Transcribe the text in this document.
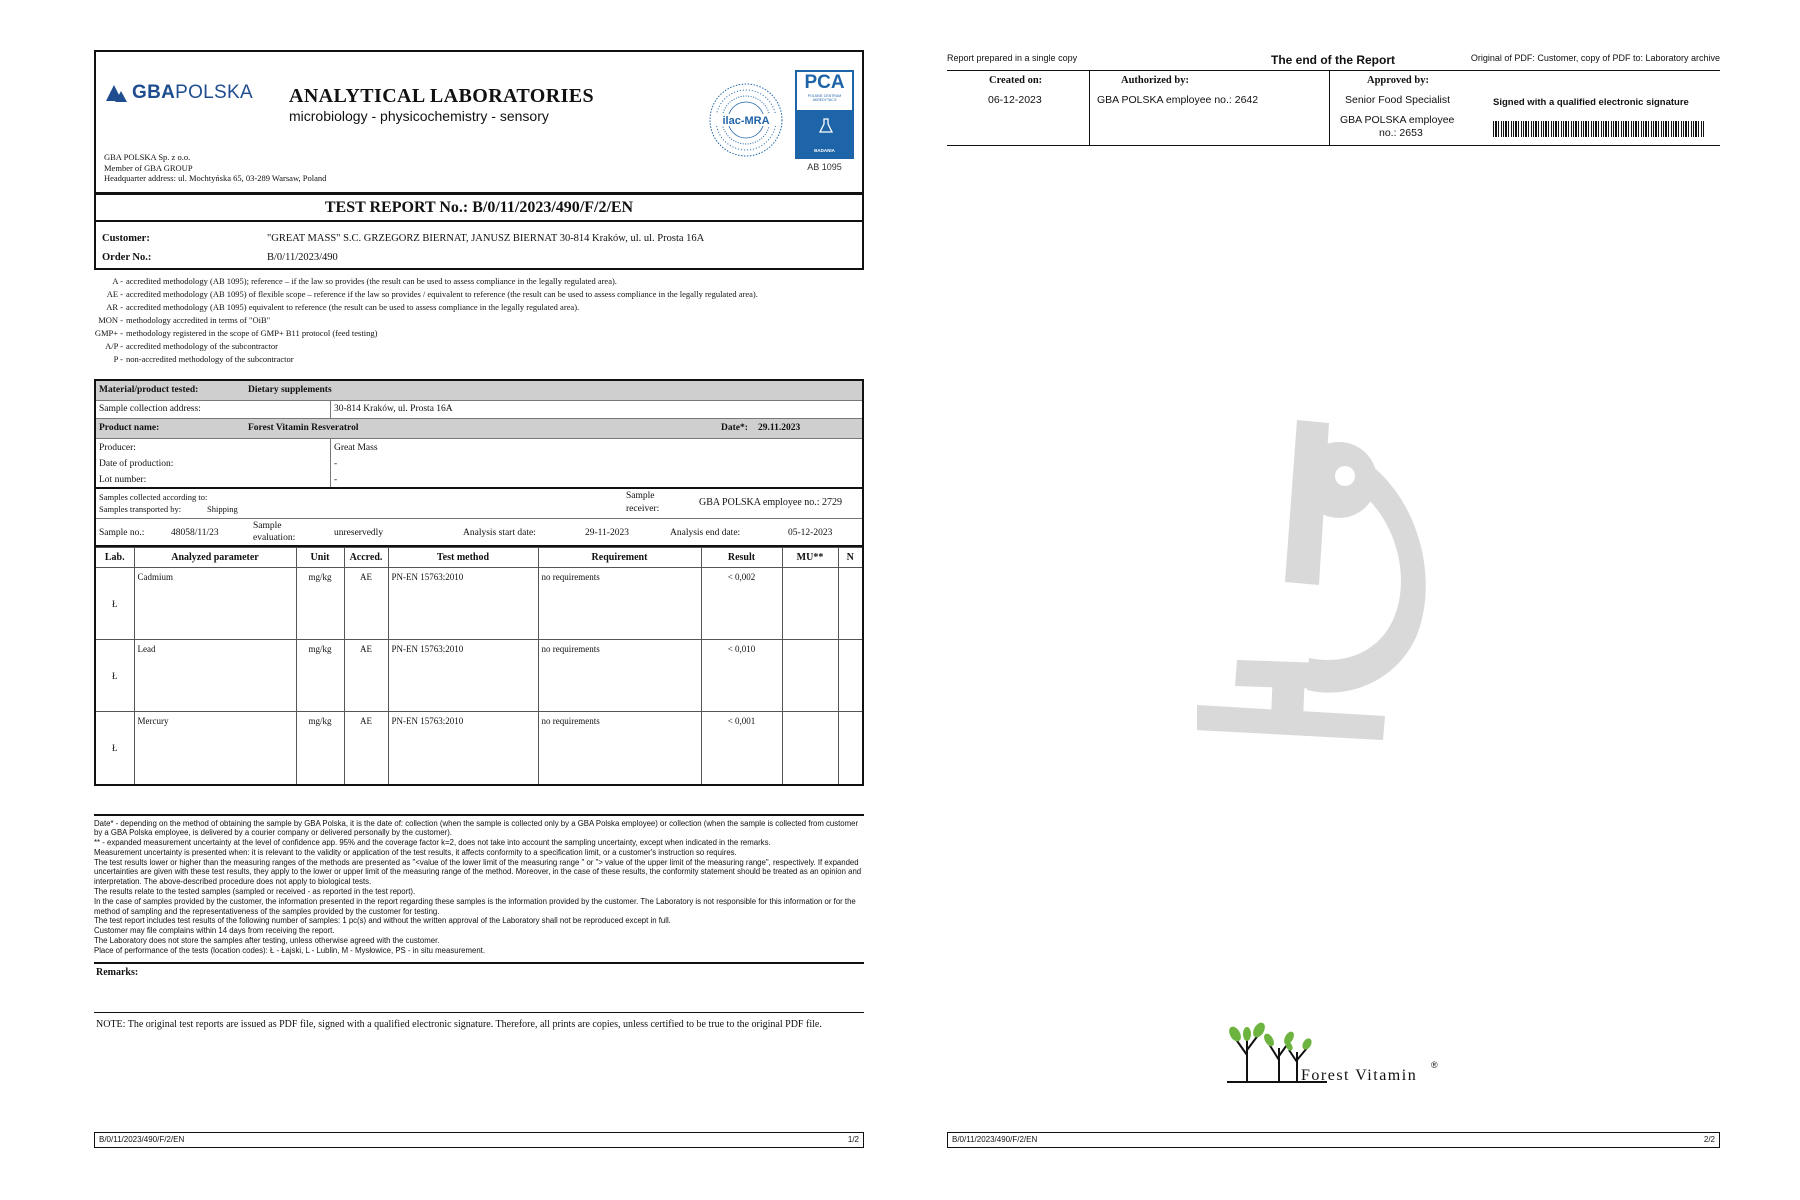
GBAPOLSKA ANALYTICAL LABORATORIES
microbiology - physicochemistry - sensory
GBA POLSKA Sp. z o.o.
Member of GBA GROUP
Headquarter address: ul. Mochtyńska 65, 03-289 Warsaw, Poland
ilac-MRA
PCA
POLSKIE CENTRUM AKREDYTACJI
BADANIA
AB 1095
TEST REPORT No.: B/0/11/2023/490/F/2/EN
Customer:	"GREAT MASS" S.C. GRZEGORZ BIERNAT, JANUSZ BIERNAT 30-814 Kraków, ul. ul. Prosta 16A
Order No.:	B/0/11/2023/490
A - accredited methodology (AB 1095); reference – if the law so provides (the result can be used to assess compliance in the legally regulated area).
AE - accredited methodology (AB 1095) of flexible scope – reference if the law so provides / equivalent to reference (the result can be used to assess compliance in the legally regulated area).
AR - accredited methodology (AB 1095) equivalent to reference (the result can be used to assess compliance in the legally regulated area).
MON - methodology accredited in terms of "OiB"
GMP+ - methodology registered in the scope of GMP+ B11 protocol (feed testing)
A/P - accredited methodology of the subcontractor
P - non-accredited methodology of the subcontractor
Material/product tested:	Dietary supplements
Sample collection address:	30-814 Kraków, ul. Prosta 16A
Product name:	Forest Vitamin Resveratrol	Date*: 29.11.2023
Producer:	Great Mass
Date of production:	-
Lot number:	-
Samples collected according to:
Samples transported by:	Shipping
Sample
receiver:
GBA POLSKA employee no.: 2729
Sample no.:	48058/11/23
Sample
evaluation:	unreservedly	Analysis start date:	29-11-2023	Analysis end date:	05-12-2023
Lab.	Analyzed parameter	Unit	Accred.	Test method	Requirement	Result	MU**	N
Ł	Cadmium	mg/kg	AE	PN-EN 15763:2010	no requirements	< 0,002		
Ł	Lead	mg/kg	AE	PN-EN 15763:2010	no requirements	< 0,010		
Ł	Mercury	mg/kg	AE	PN-EN 15763:2010	no requirements	< 0,001		
Date* - depending on the method of obtaining the sample by GBA Polska, it is the date of: collection (when the sample is collected only by a GBA Polska employee) or collection (when the sample is collected from customer by a GBA Polska employee, is delivered by a courier company or delivered personally by the customer).
** - expanded measurement uncertainty at the level of confidence app. 95% and the coverage factor k=2, does not take into account the sampling uncertainty, except when indicated in the remarks.
Measurement uncertainty is presented when: it is relevant to the validity or application of the test results, it affects conformity to a specification limit, or a customer's instruction so requires.
The test results lower or higher than the measuring ranges of the methods are presented as "<value of the lower limit of the measuring range " or "> value of the upper limit of the measuring range", respectively. If expanded uncertainties are given with these test results, they apply to the lower or upper limit of the measuring range of the method. Moreover, in the case of these results, the conformity statement should be treated as an opinion and interpretation. The above-described procedure does not apply to biological tests.
The results relate to the tested samples (sampled or received - as reported in the test report).
In the case of samples provided by the customer, the information presented in the report regarding these samples is the information provided by the customer. The Laboratory is not responsible for this information or for the method of sampling and the representativeness of the samples provided by the customer for testing.
The test report includes test results of the following number of samples: 1 pc(s) and without the written approval of the Laboratory shall not be reproduced except in full.
Customer may file complains within 14 days from receiving the report.
The Laboratory does not store the samples after testing, unless otherwise agreed with the customer.
Place of performance of the tests (location codes): Ł - Łajski, L - Lublin, M - Mysłowice, PS - in situ measurement.
Remarks:
NOTE: The original test reports are issued as PDF file, signed with a qualified electronic signature. Therefore, all prints are copies, unless certified to be true to the original PDF file.
B/0/11/2023/490/F/2/EN	1/2
Report prepared in a single copy	The end of the Report	Original of PDF: Customer, copy of PDF to: Laboratory archive
Created on:
06-12-2023
Authorized by:
GBA POLSKA employee no.: 2642
Approved by:
Senior Food Specialist
GBA POLSKA employee
no.: 2653
Signed with a qualified electronic signature
Forest Vitamin
®
B/0/11/2023/490/F/2/EN	2/2
